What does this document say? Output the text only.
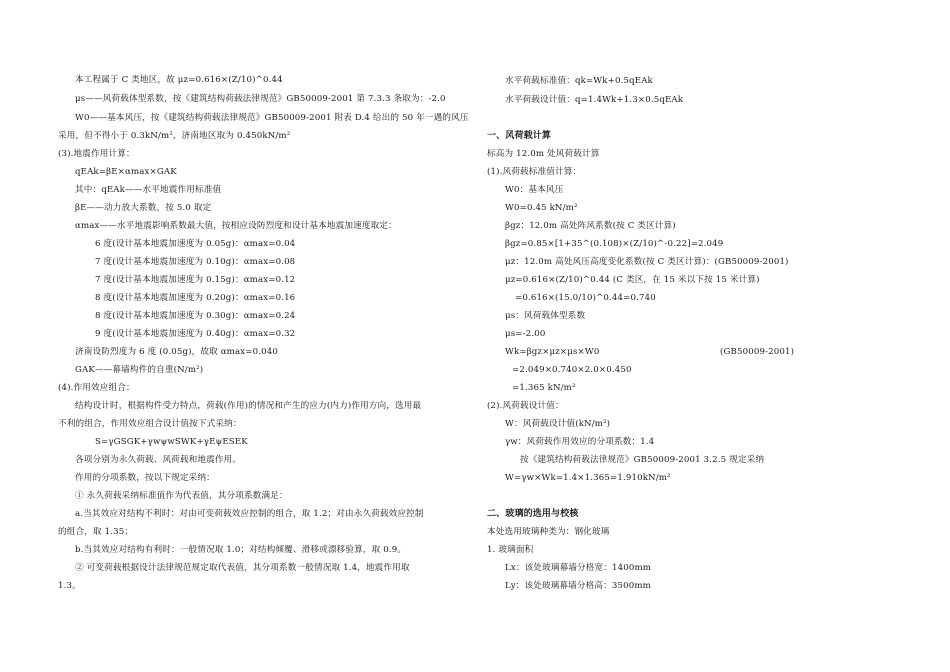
本工程属于 C 类地区，故 μz=0.616×(Z/10)^0.44
μs——风荷载体型系数，按《建筑结构荷载法律规范》GB50009-2001 第 7.3.3 条取为：-2.0
W0——基本风压，按《建筑结构荷载法律规范》GB50009-2001 附表 D.4 给出的 50 年一遇的风压
采用，但不得小于 0.3kN/m²，济南地区取为 0.450kN/m²
(3).地震作用计算：
qEAk=βE×αmax×GAK
其中：qEAk——水平地震作用标准值
βE——动力放大系数，按 5.0 取定
αmax——水平地震影响系数最大值，按相应设防烈度和设计基本地震加速度取定：
6 度(设计基本地震加速度为 0.05g)：αmax=0.04
7 度(设计基本地震加速度为 0.10g)：αmax=0.08
7 度(设计基本地震加速度为 0.15g)：αmax=0.12
8 度(设计基本地震加速度为 0.20g)：αmax=0.16
8 度(设计基本地震加速度为 0.30g)：αmax=0.24
9 度(设计基本地震加速度为 0.40g)：αmax=0.32
济南设防烈度为 6 度 (0.05g)，故取 αmax=0.040
GAK——幕墙构件的自重(N/m²)
(4).作用效应组合：
结构设计时，根据构件受力特点，荷载(作用)的情况和产生的应力(内力)作用方向，选用最
不利的组合，作用效应组合设计值按下式采纳：
S=γGSGK+γwψwSWK+γEψESEK
各项分别为永久荷载、风荷载和地震作用。
作用的分项系数，按以下规定采纳：
① 永久荷载采纳标准值作为代表值，其分项系数满足：
a.当其效应对结构不利时：对由可变荷载效应控制的组合，取 1.2；对由永久荷载效应控制
的组合，取 1.35；
b.当其效应对结构有利时：一般情况取 1.0；对结构倾覆、滑移或漂移验算，取 0.9。
② 可变荷载根据设计法律规范规定取代表值，其分项系数一般情况取 1.4，地震作用取
1.3。
水平荷载标准值：qk=Wk+0.5qEAk
水平荷载设计值：q=1.4Wk+1.3×0.5qEAk
一、风荷载计算
标高为 12.0m 处风荷载计算
(1).风荷载标准值计算：
W0：基本风压
W0=0.45 kN/m²
βgz：12.0m 高处阵风系数(按 C 类区计算)
βgz=0.85×[1+35^(0.108)×(Z/10)^-0.22]=2.049
μz：12.0m 高处风压高度变化系数(按 C 类区计算)：(GB50009-2001)
μz=0.616×(Z/10)^0.44 (C 类区，在 15 米以下按 15 米计算)
=0.616×(15.0/10)^0.44=0.740
μs：风荷载体型系数
μs=-2.00
Wk=βgz×μz×μs×W0	(GB50009-2001)
=2.049×0.740×2.0×0.450
=1.365 kN/m²
(2).风荷载设计值：
W：风荷载设计值(kN/m²)
γw：风荷载作用效应的分项系数：1.4
按《建筑结构荷载法律规范》GB50009-2001 3.2.5 规定采纳
W=γw×Wk=1.4×1.365=1.910kN/m²
二、玻璃的选用与校核
本处选用玻璃种类为：钢化玻璃
1. 玻璃面积
Lx：该处玻璃幕墙分格宽：1400mm
Ly：该处玻璃幕墙分格高：3500mm
